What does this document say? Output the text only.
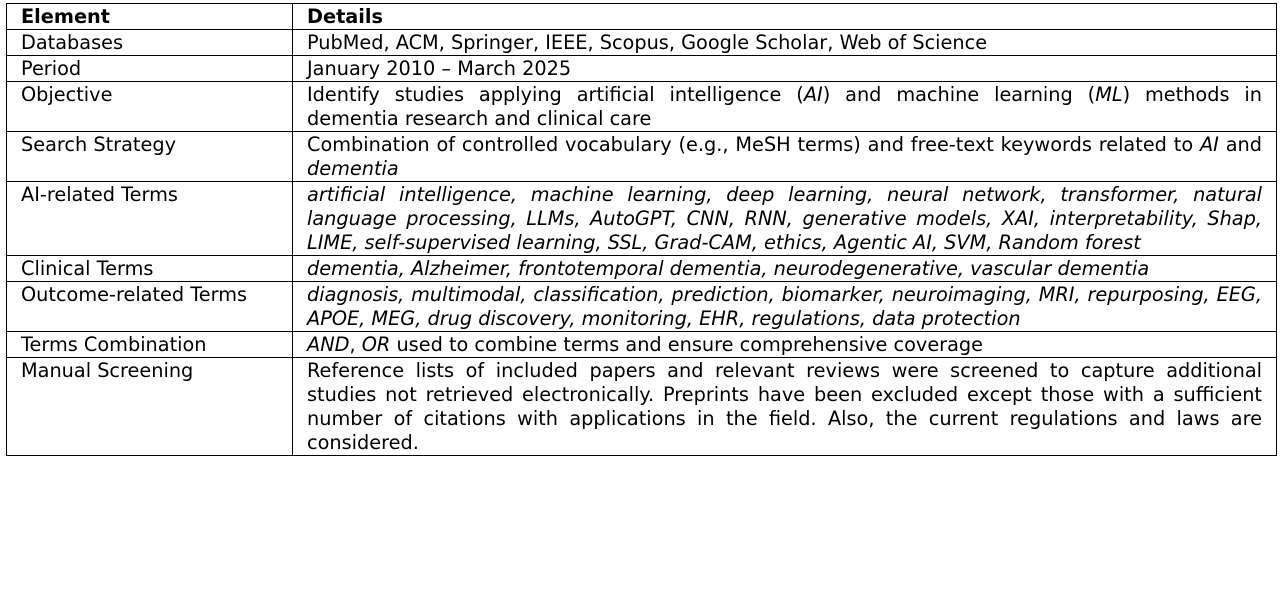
Element	Details
Databases	PubMed, ACM, Springer, IEEE, Scopus, Google Scholar, Web of Science
Period	January 2010 – March 2025
Objective	Identify studies applying artificial intelligence (AI) and machine learning (ML) methods in dementia research and clinical care
Search Strategy	Combination of controlled vocabulary (e.g., MeSH terms) and free-text keywords related to AI and dementia
AI-related Terms	artificial intelligence, machine learning, deep learning, neural network, transformer, natural language processing, LLMs, AutoGPT, CNN, RNN, generative models, XAI, interpretability, Shap, LIME, self-supervised learning, SSL, Grad-CAM, ethics, Agentic AI, SVM, Random forest
Clinical Terms	dementia, Alzheimer, frontotemporal dementia, neurodegenerative, vascular dementia
Outcome-related Terms	diagnosis, multimodal, classification, prediction, biomarker, neuroimaging, MRI, repurposing, EEG, APOE, MEG, drug discovery, monitoring, EHR, regulations, data protection
Terms Combination	AND, OR used to combine terms and ensure comprehensive coverage
Manual Screening	Reference lists of included papers and relevant reviews were screened to capture additional studies not retrieved electronically. Preprints have been excluded except those with a sufficient number of citations with applications in the field. Also, the current regulations and laws are considered.
